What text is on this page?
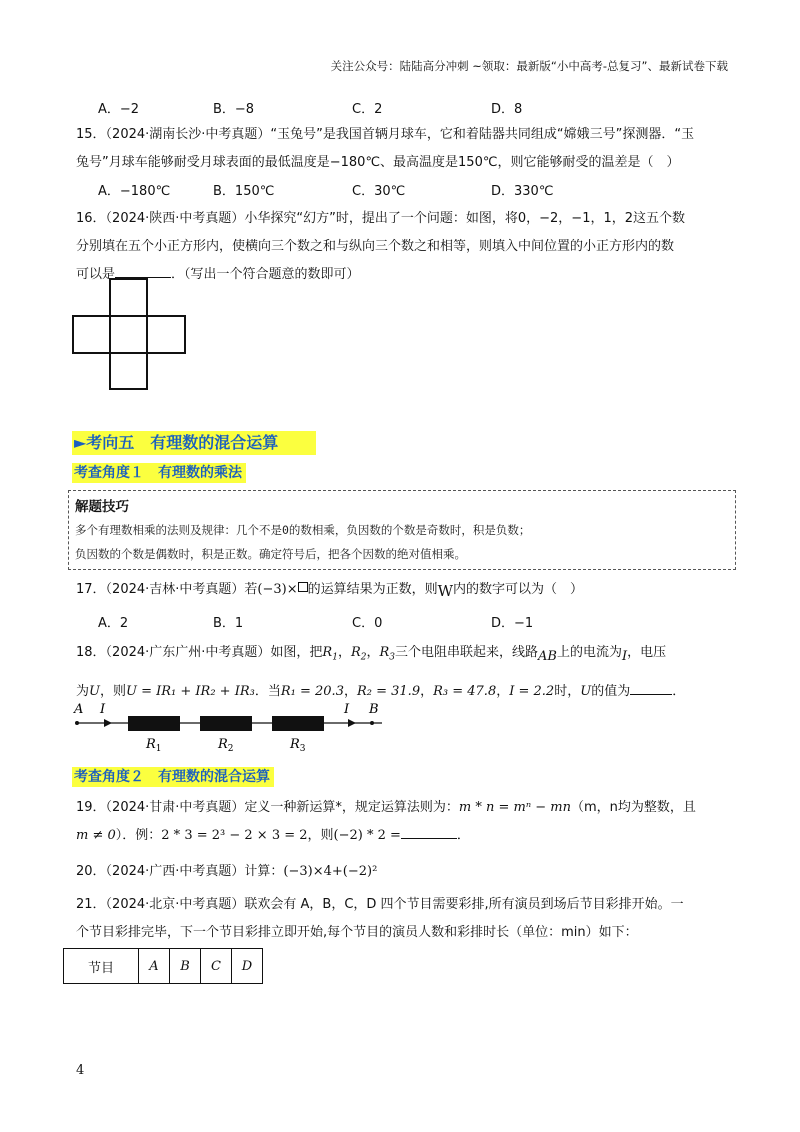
关注公众号：陆陆高分冲刺 ~领取：最新版“小中高考-总复习”、最新试卷下载
A．−2	B．−8	C．2	D．8
15．（2024·湖南长沙·中考真题）“玉兔号”是我国首辆月球车，它和着陆器共同组成“嫦娥三号”探测器．“玉
兔号”月球车能够耐受月球表面的最低温度是−180℃、最高温度是150℃，则它能够耐受的温差是（　）
A．−180℃	B．150℃	C．30℃	D．330℃
16．（2024·陕西·中考真题）小华探究“幻方”时，提出了一个问题：如图，将0，−2，−1，1，2这五个数
分别填在五个小正方形内，使横向三个数之和与纵向三个数之和相等，则填入中间位置的小正方形内的数
可以是	．（写出一个符合题意的数即可）
►考向五　有理数的混合运算
考查角度１　有理数的乘法
解题技巧
多个有理数相乘的法则及规律：几个不是0的数相乘，负因数的个数是奇数时，积是负数；
负因数的个数是偶数时，积是正数。确定符号后，把各个因数的绝对值相乘。
17．（2024·吉林·中考真题）若(−3)× 的运算结果为正数，则W内的数字可以为（　）
A．2	B．1	C．0	D．−1
18．（2024·广东广州·中考真题）如图，把$R_1$，$R_2$，$R_3$三个电阻串联起来，线路AB上的电流为I，电压
为U，则U = IR₁ + IR₂ + IR₃．当R₁ = 20.3，R₂ = 31.9，R₃ = 47.8，I = 2.2时，U的值为	．
A I	I B
$R_1$	$R_2$	$R_3$
考查角度２　有理数的混合运算
19．（2024·甘肃·中考真题）定义一种新运算*，规定运算法则为：m * n = mⁿ − mn（m，n均为整数，且
m ≠ 0）．例：2 * 3 = 2³ − 2 × 3 = 2，则(−2) * 2 =	．
20．（2024·广西·中考真题）计算：(−3)×4+(−2)²
21．（2024·北京·中考真题）联欢会有 A，B，C，D 四个节目需要彩排,所有演员到场后节目彩排开始。一
个节目彩排完毕，下一个节目彩排立即开始,每个节目的演员人数和彩排时长（单位：min）如下：
节目	A	B	C	D
4
